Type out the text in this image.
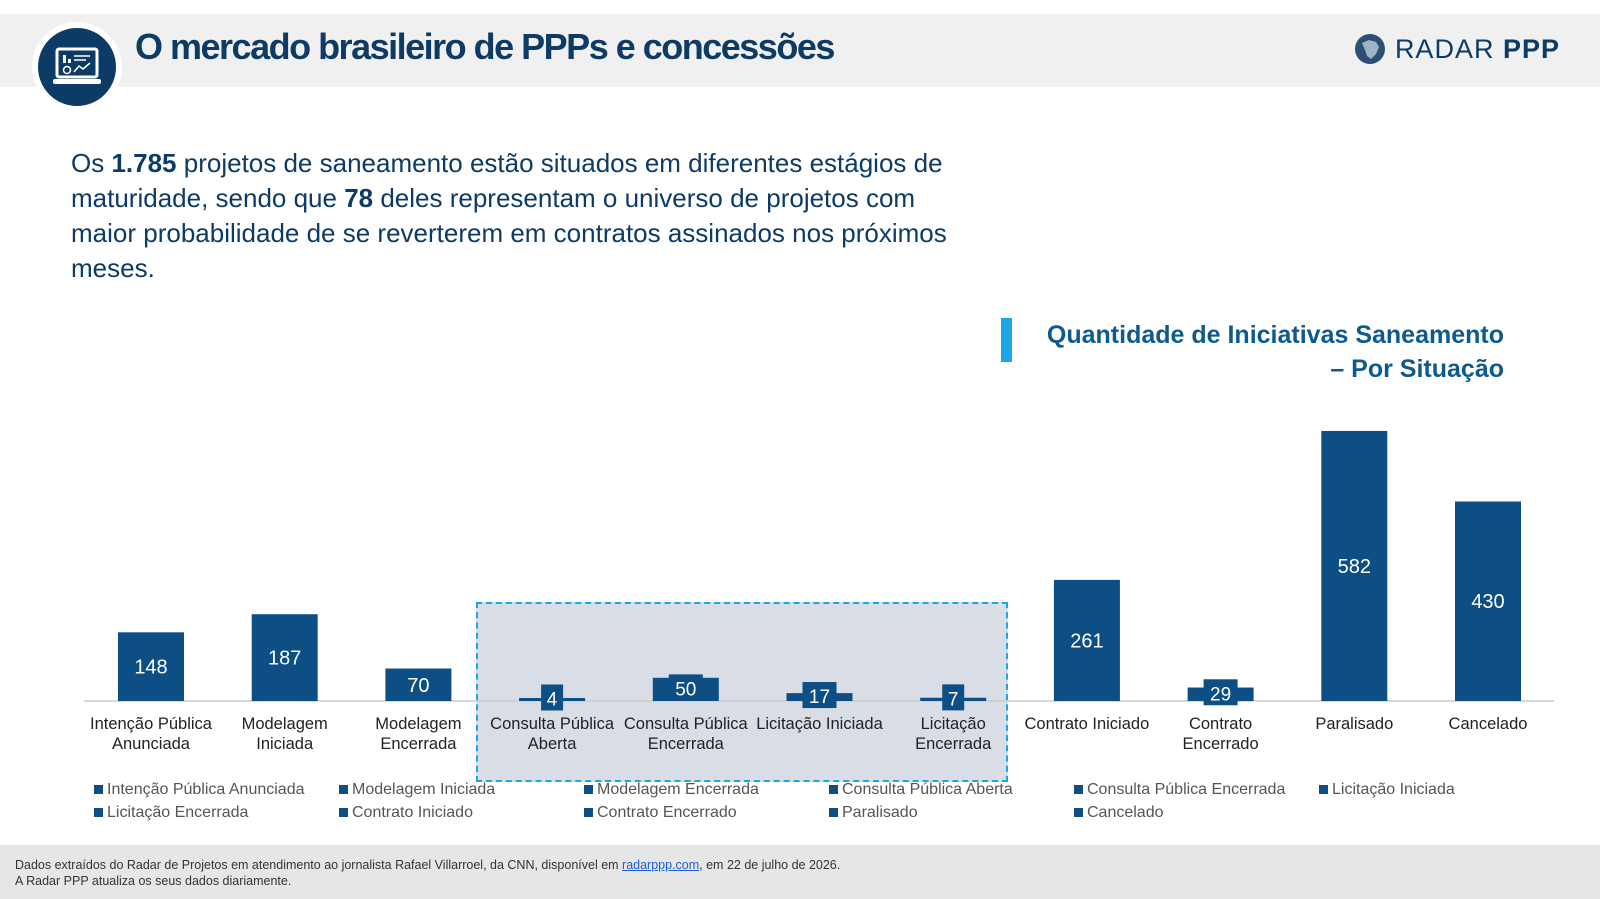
O mercado brasileiro de PPPs e concessões	RADAR PPP
Os 1.785 projetos de saneamento estão situados em diferentes estágios de maturidade, sendo que 78 deles representam o universo de projetos com maior probabilidade de se reverterem em contratos assinados nos próximos meses.
Quantidade de Iniciativas Saneamento
– Por Situação
148
Intenção Pública
Anunciada
187
Modelagem
Iniciada
70
Modelagem
Encerrada
4
Consulta Pública
Aberta
50
Consulta Pública
Encerrada
17
Licitação Iniciada
7
Licitação
Encerrada
261
Contrato Iniciado
29
Contrato
Encerrado
582
Paralisado
430
Cancelado
Intenção Pública Anunciada	Modelagem Iniciada	Modelagem Encerrada	Consulta Pública Aberta	Consulta Pública Encerrada	Licitação Iniciada
Licitação Encerrada	Contrato Iniciado	Contrato Encerrado	Paralisado	Cancelado
Dados extraídos do Radar de Projetos em atendimento ao jornalista Rafael Villarroel, da CNN, disponível em radarppp.com, em 22 de julho de 2026.
A Radar PPP atualiza os seus dados diariamente.
